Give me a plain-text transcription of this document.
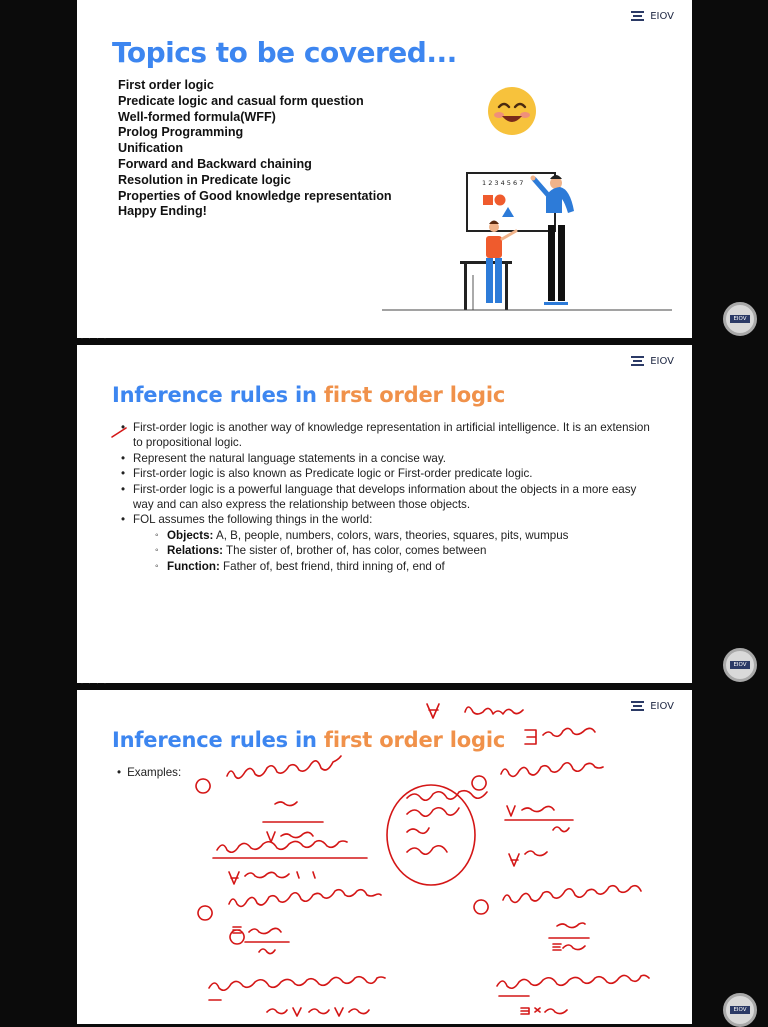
EIOV
Topics to be covered...
First order logic
Predicate logic and casual form question
Well-formed formula(WFF)
Prolog Programming
Unification
Forward and Backward chaining
Resolution in Predicate logic
Properties of Good knowledge representation
Happy Ending!
1 2 3 4 5 6 7
· · · ·
EIOV
Inference rules in first order logic
• First-order logic is another way of knowledge representation in artificial intelligence. It is an extension to propositional logic.
• Represent the natural language statements in a concise way.
• First-order logic is also known as Predicate logic or First-order predicate logic.
• First-order logic is a powerful language that develops information about the objects in a more easy way and can also express the relationship between those objects.
• FOL assumes the following things in the world:
◦ Objects: A, B, people, numbers, colors, wars, theories, squares, pits, wumpus
◦ Relations: The sister of, brother of, has color, comes between
◦ Function: Father of, best friend, third inning of, end of
· · · ·
EIOV
Inference rules in first order logic
• Examples:
EIOV
EIOV
EIOV
